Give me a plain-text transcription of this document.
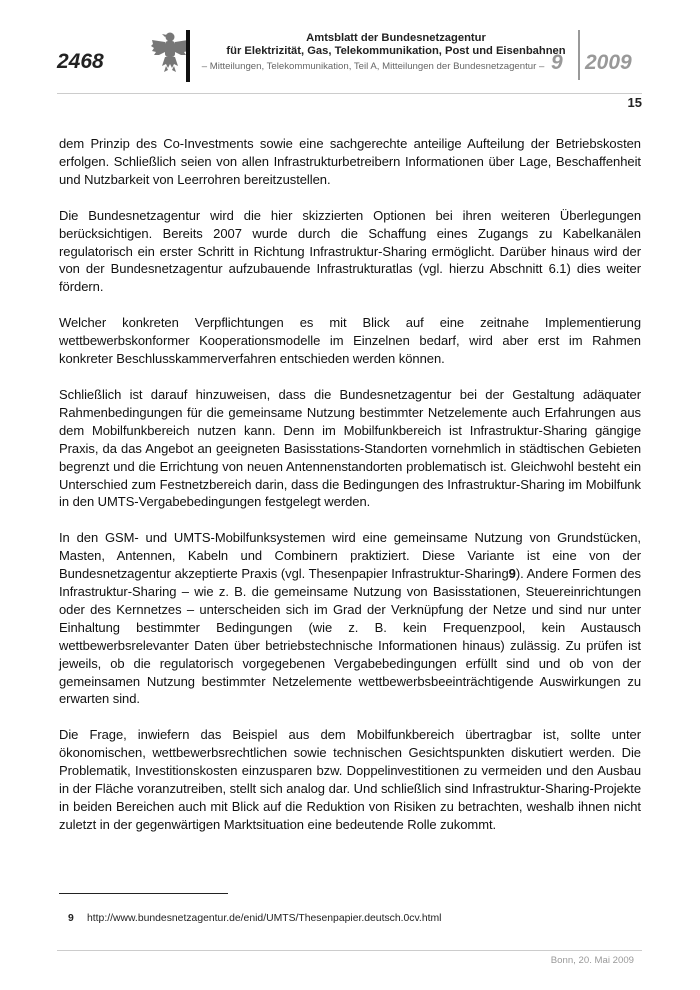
2468
Amtsblatt der Bundesnetzagentur
für Elektrizität, Gas, Telekommunikation, Post und Eisenbahnen
– Mitteilungen, Telekommunikation, Teil A, Mitteilungen der Bundesnetzagentur – 9 2009
15

dem Prinzip des Co-Investments sowie eine sachgerechte anteilige Aufteilung der Betriebskosten erfolgen. Schließlich seien von allen Infrastrukturbetreibern Informationen über Lage, Beschaffenheit und Nutzbarkeit von Leerrohren bereitzustellen.

Die Bundesnetzagentur wird die hier skizzierten Optionen bei ihren weiteren Überlegungen berücksichtigen. Bereits 2007 wurde durch die Schaffung eines Zugangs zu Kabelkanälen regulatorisch ein erster Schritt in Richtung Infrastruktur-Sharing ermöglicht. Darüber hinaus wird der von der Bundesnetzagentur aufzubauende Infrastrukturatlas (vgl. hierzu Abschnitt 6.1) dies weiter fördern.

Welcher konkreten Verpflichtungen es mit Blick auf eine zeitnahe Implementierung wettbewerbskonformer Kooperationsmodelle im Einzelnen bedarf, wird aber erst im Rahmen konkreter Beschlusskammerverfahren entschieden werden können.

Schließlich ist darauf hinzuweisen, dass die Bundesnetzagentur bei der Gestaltung adäquater Rahmenbedingungen für die gemeinsame Nutzung bestimmter Netzelemente auch Erfahrungen aus dem Mobilfunkbereich nutzen kann. Denn im Mobilfunkbereich ist Infrastruktur-Sharing gängige Praxis, da das Angebot an geeigneten Basisstations-Standorten vornehmlich in städtischen Gebieten begrenzt und die Errichtung von neuen Antennenstandorten problematisch ist. Gleichwohl besteht ein Unterschied zum Festnetzbereich darin, dass die Bedingungen des Infrastruktur-Sharing im Mobilfunk in den UMTS-Vergabebedingungen festgelegt werden.

In den GSM- und UMTS-Mobilfunksystemen wird eine gemeinsame Nutzung von Grundstücken, Masten, Antennen, Kabeln und Combinern praktiziert. Diese Variante ist eine von der Bundesnetzagentur akzeptierte Praxis (vgl. Thesenpapier Infrastruktur-Sharing9). Andere Formen des Infrastruktur-Sharing – wie z. B. die gemeinsame Nutzung von Basisstationen, Steuereinrichtungen oder des Kernnetzes – unterscheiden sich im Grad der Verknüpfung der Netze und sind nur unter Einhaltung bestimmter Bedingungen (wie z. B. kein Frequenzpool, kein Austausch wettbewerbsrelevanter Daten über betriebstechnische Informationen hinaus) zulässig. Zu prüfen ist jeweils, ob die regulatorisch vorgegebenen Vergabebedingungen erfüllt sind und ob von der gemeinsamen Nutzung bestimmter Netzelemente wettbewerbsbeeinträchtigende Auswirkungen zu erwarten sind.

Die Frage, inwiefern das Beispiel aus dem Mobilfunkbereich übertragbar ist, sollte unter ökonomischen, wettbewerbsrechtlichen sowie technischen Gesichtspunkten diskutiert werden. Die Problematik, Investitionskosten einzusparen bzw. Doppelinvestitionen zu vermeiden und den Ausbau in der Fläche voranzutreiben, stellt sich analog dar. Und schließlich sind Infrastruktur-Sharing-Projekte in beiden Bereichen auch mit Blick auf die Reduktion von Risiken zu betrachten, weshalb ihnen nicht zuletzt in der gegenwärtigen Marktsituation eine bedeutende Rolle zukommt.

9 http://www.bundesnetzagentur.de/enid/UMTS/Thesenpapier.deutsch.0cv.html
Bonn, 20. Mai 2009
